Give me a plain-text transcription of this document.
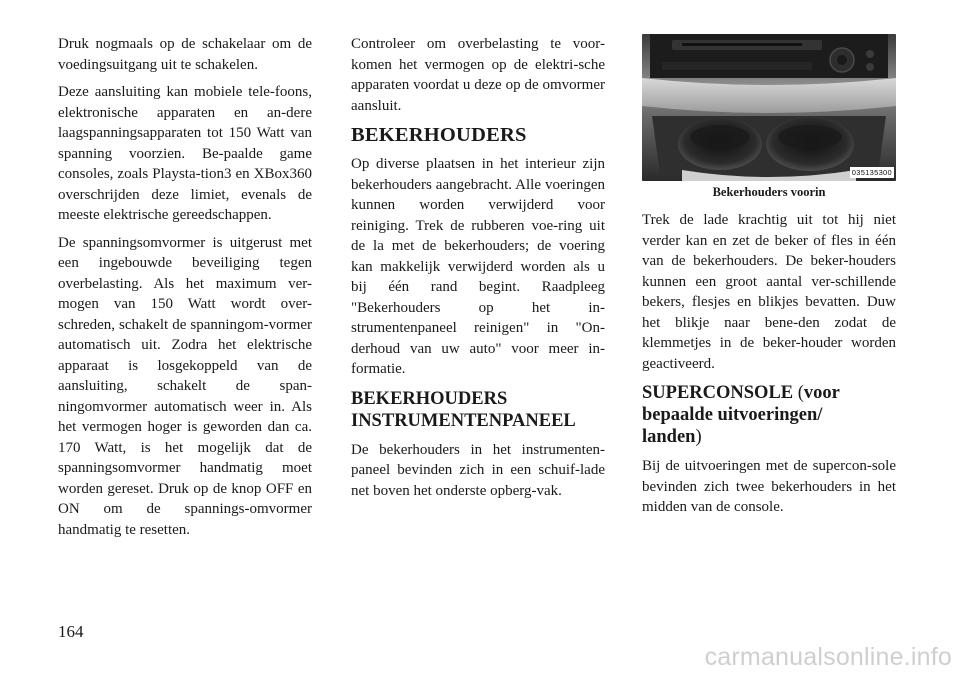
Druk nogmaals op de schakelaar om de voedingsuitgang uit te schakelen.

Deze aansluiting kan mobiele tele-foons, elektronische apparaten en an-dere laagspanningsapparaten tot 150 Watt van spanning voorzien. Be-paalde game consoles, zoals Playsta-tion3 en XBox360 overschrijden deze limiet, evenals de meeste elektrische gereedschappen.

De spanningsomvormer is uitgerust met een ingebouwde beveiliging tegen overbelasting. Als het maximum ver-mogen van 150 Watt wordt over-schreden, schakelt de spanningom-vormer automatisch uit. Zodra het elektrische apparaat is losgekoppeld van de aansluiting, schakelt de span-ningomvormer automatisch weer in. Als het vermogen hoger is geworden dan ca. 170 Watt, is het mogelijk dat de spanningsomvormer handmatig moet worden gereset. Druk op de knop OFF en ON om de spannings-omvormer handmatig te resetten.

Controleer om overbelasting te voor-komen het vermogen op de elektri-sche apparaten voordat u deze op de omvormer aansluit.

BEKERHOUDERS

Op diverse plaatsen in het interieur zijn bekerhouders aangebracht. Alle voeringen kunnen worden verwijderd voor reiniging. Trek de rubberen voe-ring uit de la met de bekerhouders; de voering kan makkelijk verwijderd worden als u bij één rand begint. Raadpleeg "Bekerhouders op het in-strumentenpaneel reinigen" in "On-derhoud van uw auto" voor meer in-formatie.

BEKERHOUDERS
INSTRUMENTENPANEEL

De bekerhouders in het instrumenten-paneel bevinden zich in een schuif-lade net boven het onderste opberg-vak.

035135300
Bekerhouders voorin

Trek de lade krachtig uit tot hij niet verder kan en zet de beker of fles in één van de bekerhouders. De beker-houders kunnen een groot aantal ver-schillende bekers, flesjes en blikjes bevatten. Duw het blikje naar bene-den zodat de klemmetjes in de beker-houder worden geactiveerd.

SUPERCONSOLE (voor
bepaalde uitvoeringen/
landen)

Bij de uitvoeringen met de supercon-sole bevinden zich twee bekerhouders in het midden van de console.

164
carmanualsonline.info
